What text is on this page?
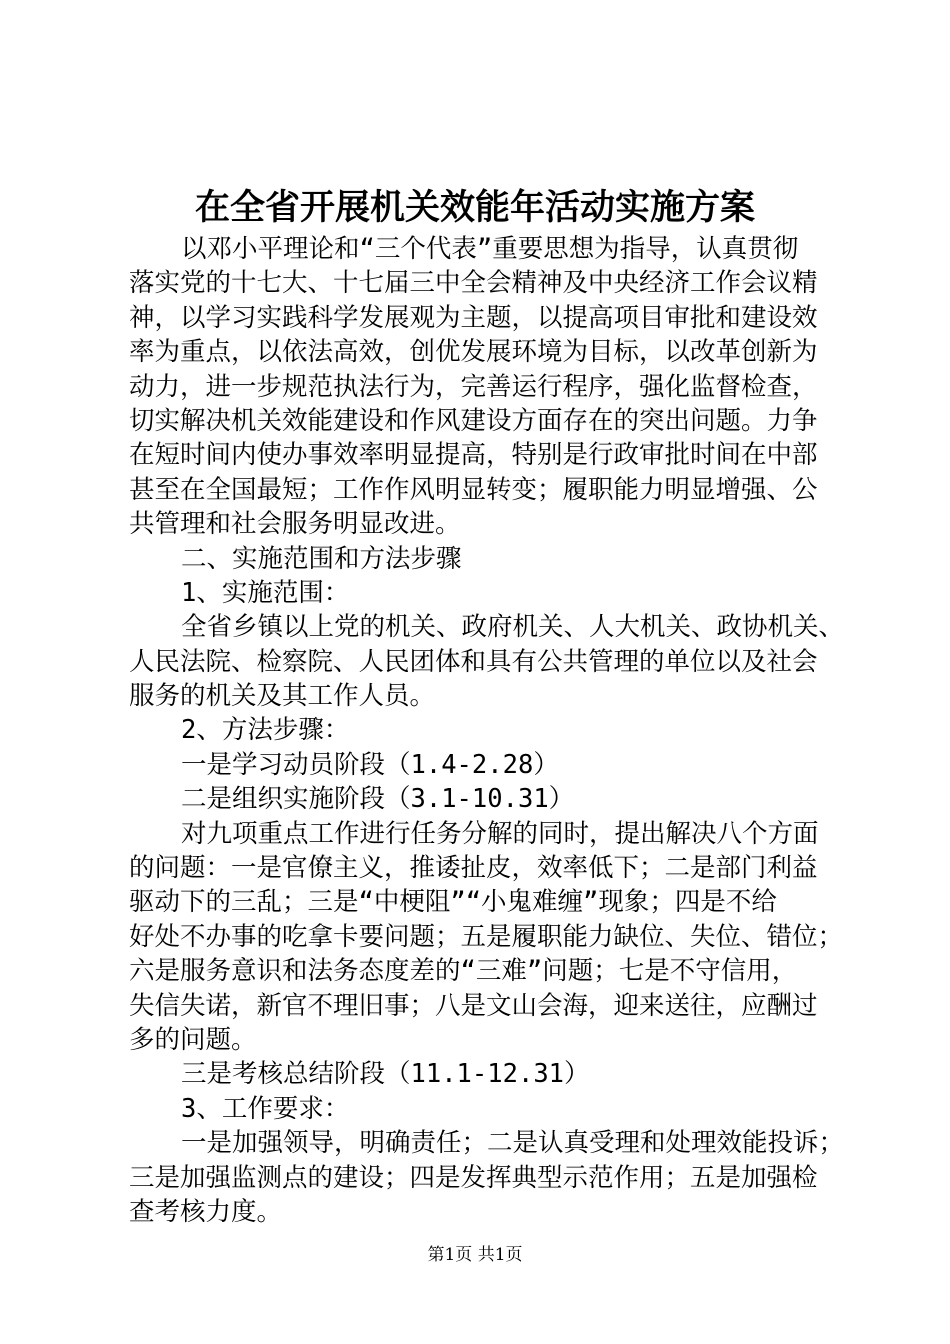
在全省开展机关效能年活动实施方案
以邓小平理论和“三个代表”重要思想为指导，认真贯彻
落实党的十七大、十七届三中全会精神及中央经济工作会议精
神，以学习实践科学发展观为主题，以提高项目审批和建设效
率为重点，以依法高效，创优发展环境为目标，以改革创新为
动力，进一步规范执法行为，完善运行程序，强化监督检查，
切实解决机关效能建设和作风建设方面存在的突出问题。力争
在短时间内使办事效率明显提高，特别是行政审批时间在中部
甚至在全国最短；工作作风明显转变；履职能力明显增强、公
共管理和社会服务明显改进。
二、实施范围和方法步骤
1、实施范围：
全省乡镇以上党的机关、政府机关、人大机关、政协机关、
人民法院、检察院、人民团体和具有公共管理的单位以及社会
服务的机关及其工作人员。
2、方法步骤：
一是学习动员阶段（1.4-2.28）
二是组织实施阶段（3.1-10.31）
对九项重点工作进行任务分解的同时，提出解决八个方面
的问题：一是官僚主义，推诿扯皮，效率低下；二是部门利益
驱动下的三乱；三是“中梗阻”“小鬼难缠”现象；四是不给
好处不办事的吃拿卡要问题；五是履职能力缺位、失位、错位；
六是服务意识和法务态度差的“三难”问题；七是不守信用，
失信失诺，新官不理旧事；八是文山会海，迎来送往，应酬过
多的问题。
三是考核总结阶段（11.1-12.31）
3、工作要求：
一是加强领导，明确责任；二是认真受理和处理效能投诉；
三是加强监测点的建设；四是发挥典型示范作用；五是加强检
查考核力度。
第1页 共1页
